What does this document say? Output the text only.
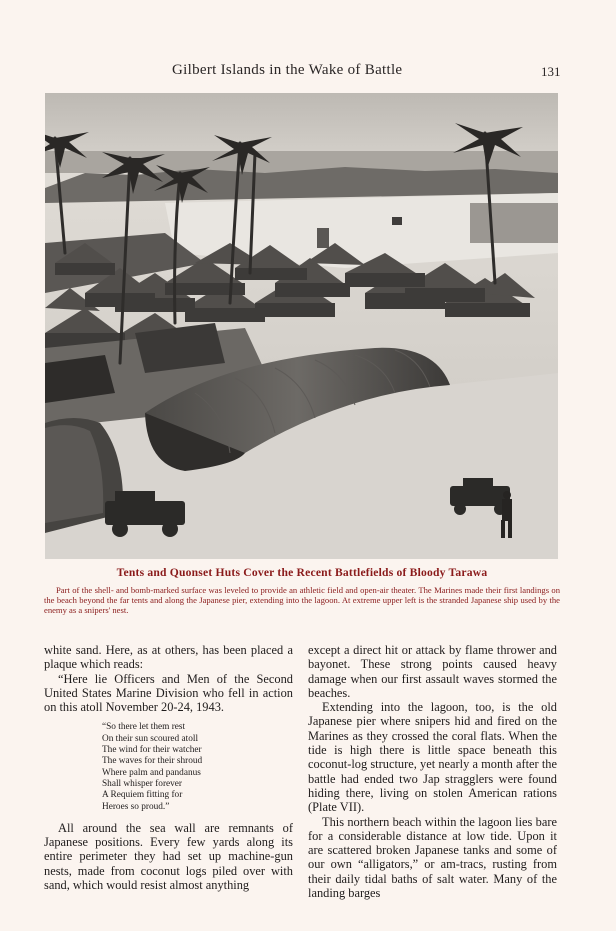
Gilbert Islands in the Wake of Battle	131

Tents and Quonset Huts Cover the Recent Battlefields of Bloody Tarawa

Part of the shell- and bomb-marked surface was leveled to provide an athletic field and open-air theater. The Marines made their first landings on the beach beyond the far tents and along the Japanese pier, extending into the lagoon. At extreme upper left is the stranded Japanese ship used by the enemy as a snipers' nest.

white sand. Here, as at others, has been placed a plaque which reads:

“Here lie Officers and Men of the Second United States Marine Division who fell in action on this atoll November 20-24, 1943.

“So there let them rest
On their sun scoured atoll
The wind for their watcher
The waves for their shroud
Where palm and pandanus
Shall whisper forever
A Requiem fitting for
Heroes so proud.”

All around the sea wall are remnants of Japanese positions. Every few yards along its entire perimeter they had set up machine-gun nests, made from coconut logs piled over with sand, which would resist almost anything

except a direct hit or attack by flame thrower and bayonet. These strong points caused heavy damage when our first assault waves stormed the beaches.

Extending into the lagoon, too, is the old Japanese pier where snipers hid and fired on the Marines as they crossed the coral flats. When the tide is high there is little space beneath this coconut-log structure, yet nearly a month after the battle had ended two Jap stragglers were found hiding there, living on stolen American rations (Plate VII).

This northern beach within the lagoon lies bare for a considerable distance at low tide. Upon it are scattered broken Japanese tanks and some of our own “alligators,” or am-tracs, rusting from their daily tidal baths of salt water. Many of the landing barges
